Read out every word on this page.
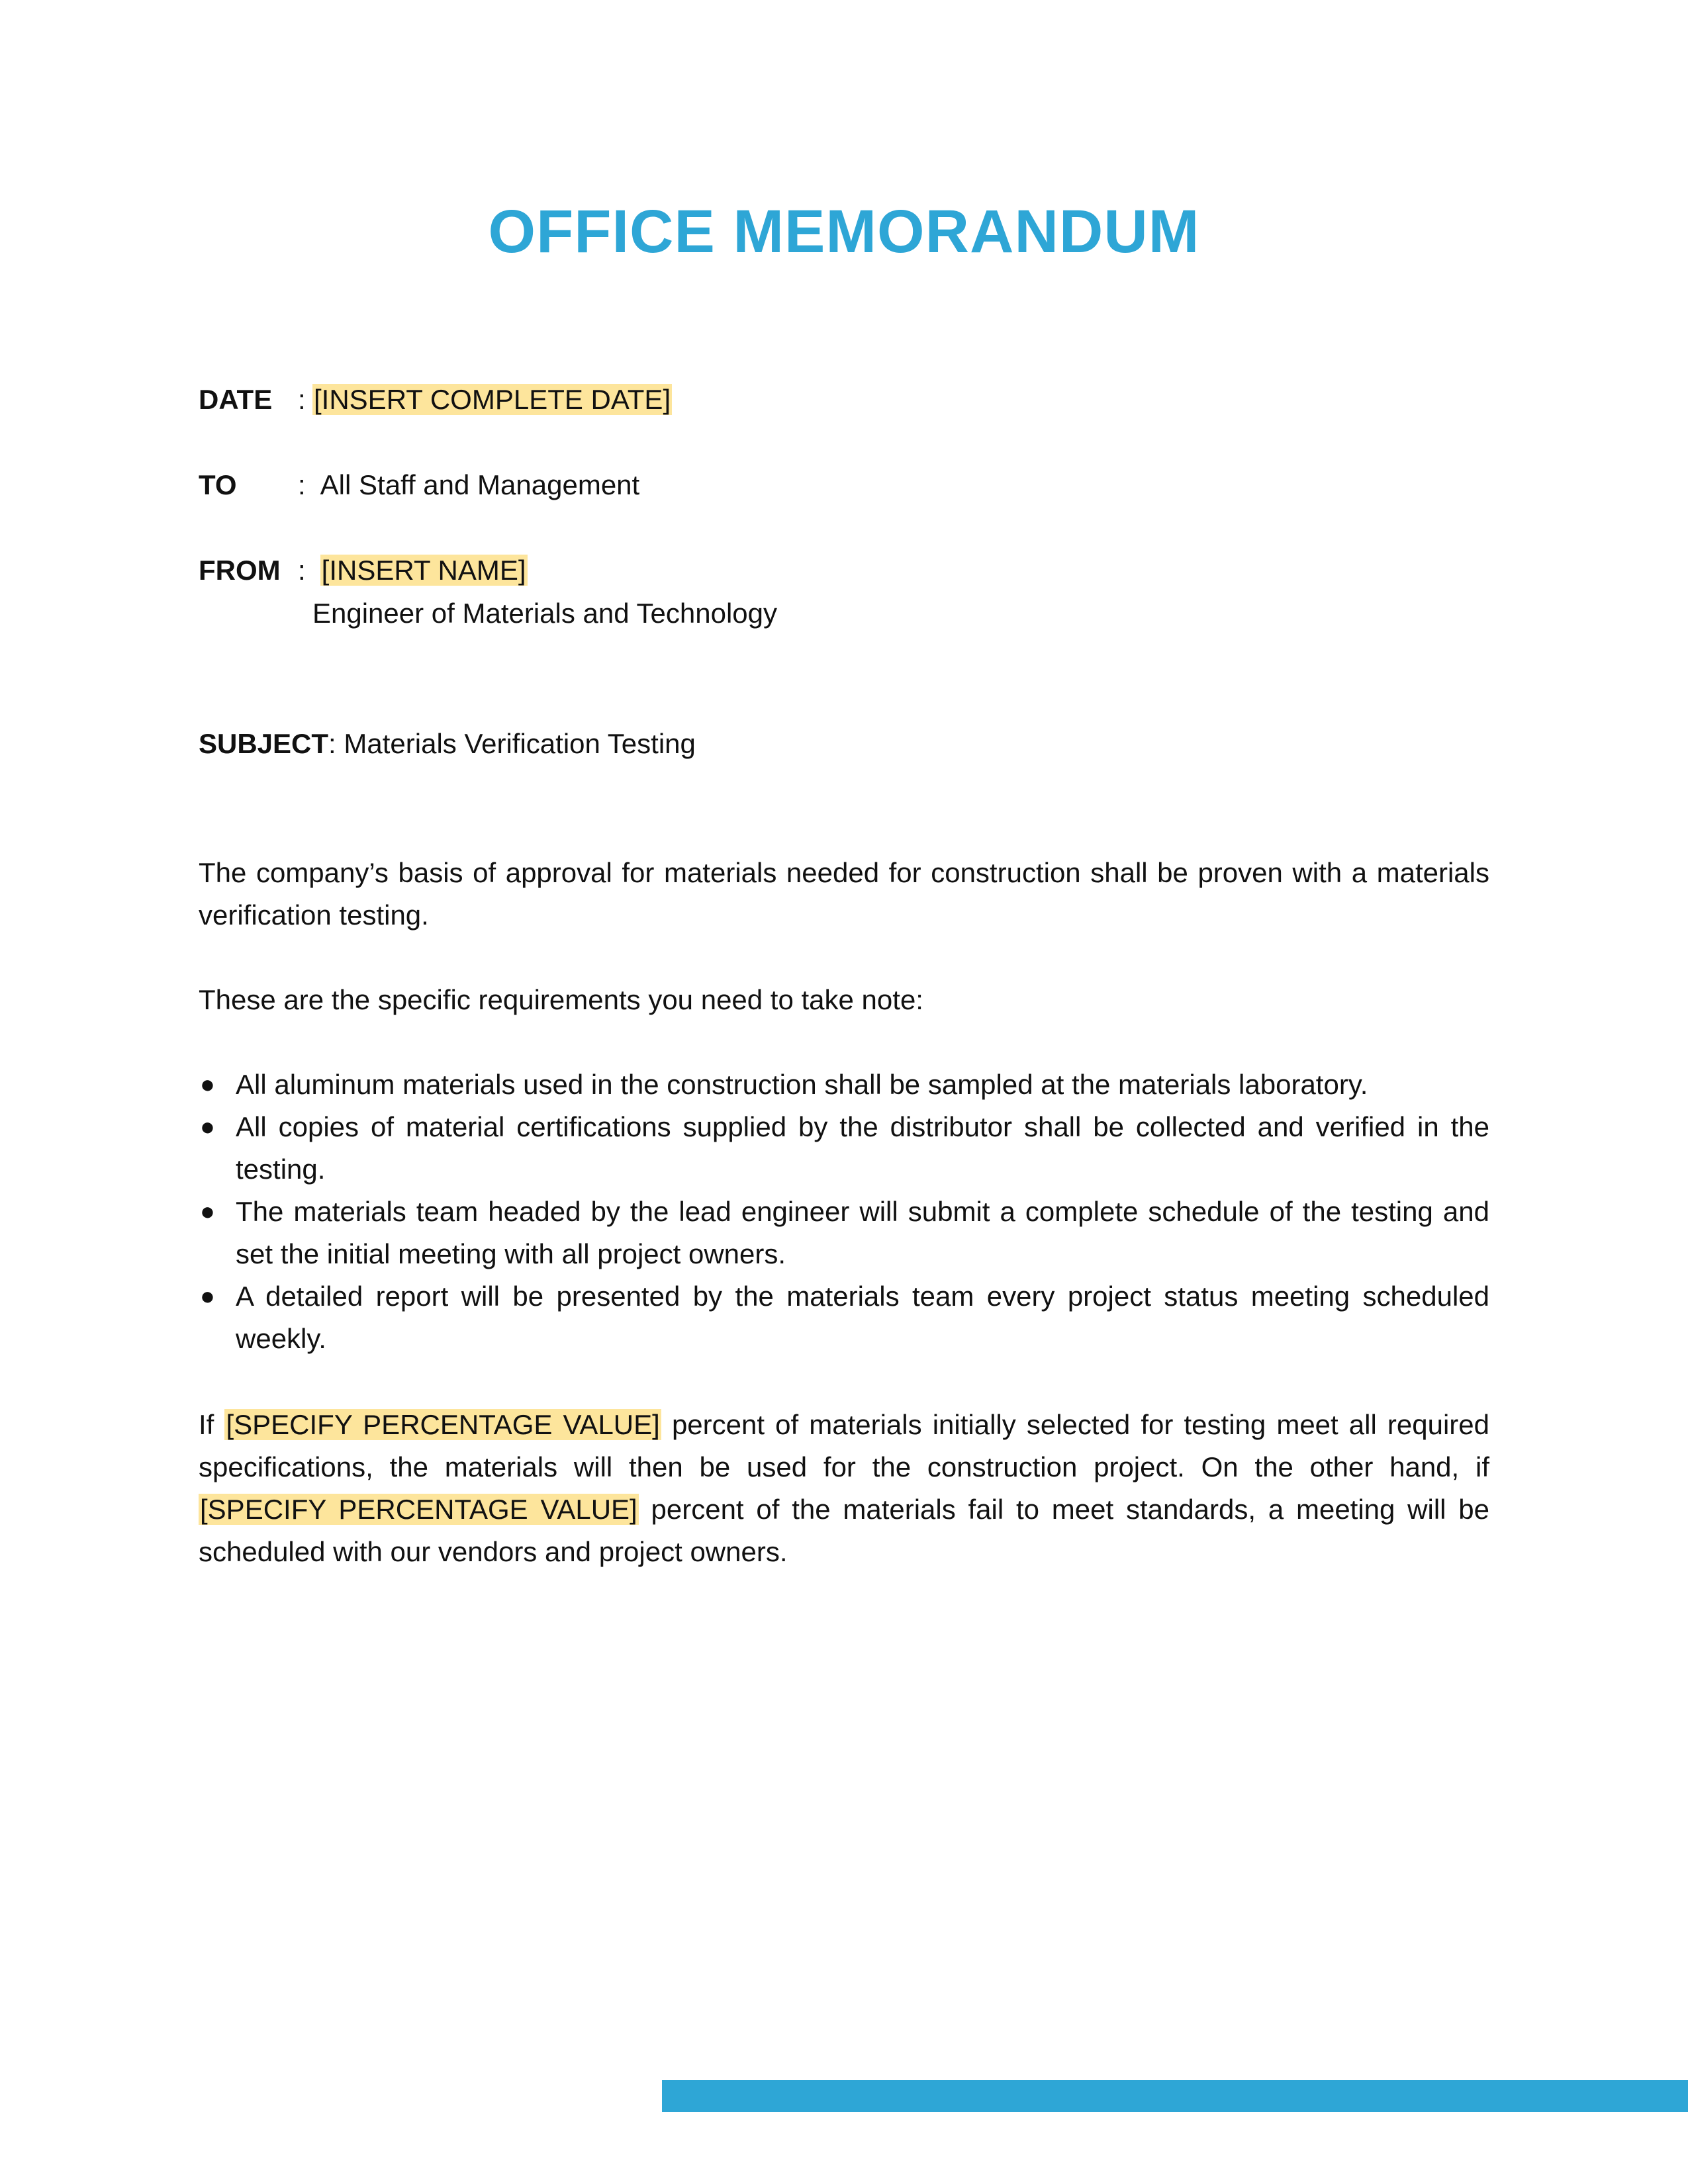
OFFICE MEMORANDUM
DATE : [INSERT COMPLETE DATE]
TO : All Staff and Management
FROM : [INSERT NAME]
Engineer of Materials and Technology
SUBJECT: Materials Verification Testing
The company’s basis of approval for materials needed for construction shall be proven with a materials verification testing.
These are the specific requirements you need to take note:
● All aluminum materials used in the construction shall be sampled at the materials laboratory.
● All copies of material certifications supplied by the distributor shall be collected and verified in the testing.
● The materials team headed by the lead engineer will submit a complete schedule of the testing and set the initial meeting with all project owners.
● A detailed report will be presented by the materials team every project status meeting scheduled weekly.
If [SPECIFY PERCENTAGE VALUE] percent of materials initially selected for testing meet all required specifications, the materials will then be used for the construction project. On the other hand, if [SPECIFY PERCENTAGE VALUE] percent of the materials fail to meet standards, a meeting will be scheduled with our vendors and project owners.
